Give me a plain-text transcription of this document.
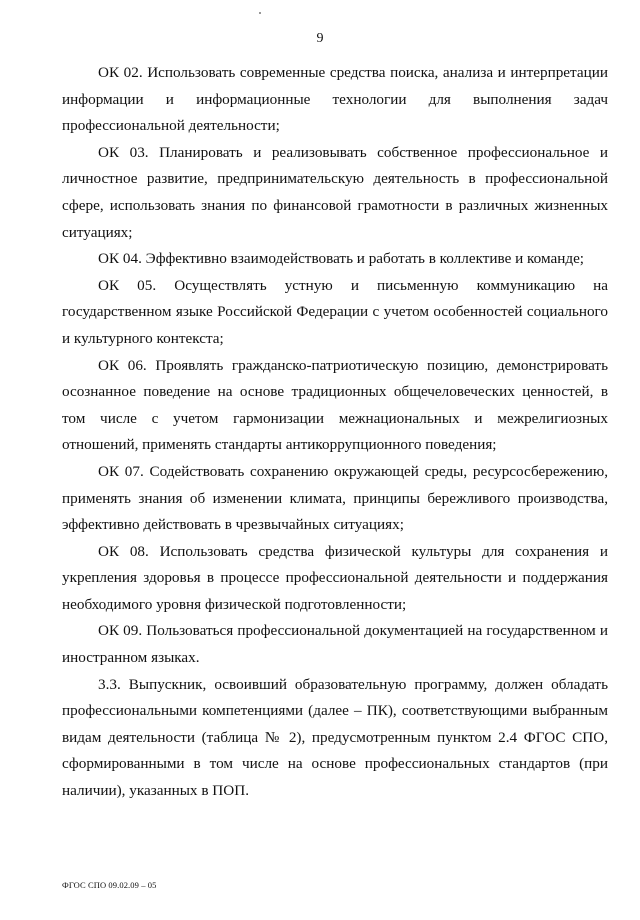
9

ОК 02. Использовать современные средства поиска, анализа и интерпретации информации и информационные технологии для выполнения задач профессиональной деятельности;

ОК 03. Планировать и реализовывать собственное профессиональное и личностное развитие, предпринимательскую деятельность в профессиональной сфере, использовать знания по финансовой грамотности в различных жизненных ситуациях;

ОК 04. Эффективно взаимодействовать и работать в коллективе и команде;

ОК 05. Осуществлять устную и письменную коммуникацию на государственном языке Российской Федерации с учетом особенностей социального и культурного контекста;

ОК 06. Проявлять гражданско-патриотическую позицию, демонстрировать осознанное поведение на основе традиционных общечеловеческих ценностей, в том числе с учетом гармонизации межнациональных и межрелигиозных отношений, применять стандарты антикоррупционного поведения;

ОК 07. Содействовать сохранению окружающей среды, ресурсосбережению, применять знания об изменении климата, принципы бережливого производства, эффективно действовать в чрезвычайных ситуациях;

ОК 08. Использовать средства физической культуры для сохранения и укрепления здоровья в процессе профессиональной деятельности и поддержания необходимого уровня физической подготовленности;

ОК 09. Пользоваться профессиональной документацией на государственном и иностранном языках.

3.3. Выпускник, освоивший образовательную программу, должен обладать профессиональными компетенциями (далее – ПК), соответствующими выбранным видам деятельности (таблица № 2), предусмотренным пунктом 2.4 ФГОС СПО, сформированными в том числе на основе профессиональных стандартов (при наличии), указанных в ПОП.

ФГОС СПО 09.02.09 – 05
